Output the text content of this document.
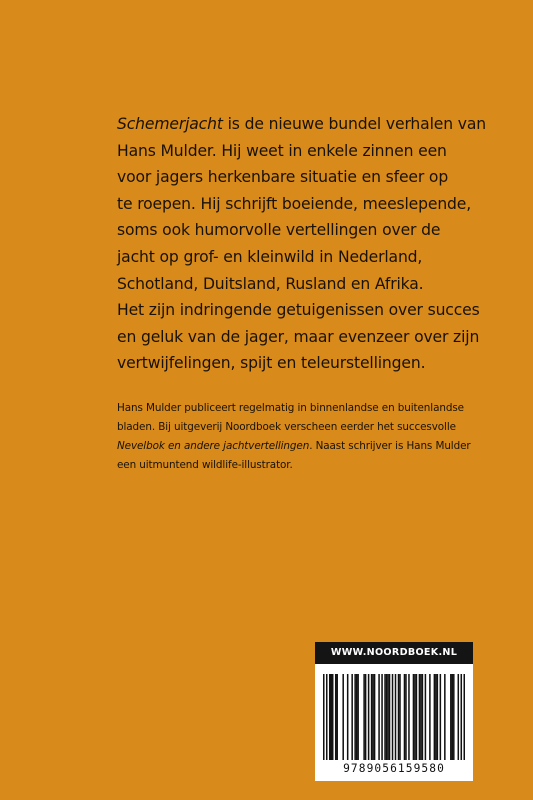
Schemerjacht is de nieuwe bundel verhalen van
Hans Mulder. Hij weet in enkele zinnen een
voor jagers herkenbare situatie en sfeer op
te roepen. Hij schrijft boeiende, meeslepende,
soms ook humorvolle vertellingen over de
jacht op grof- en kleinwild in Nederland,
Schotland, Duitsland, Rusland en Afrika.
Het zijn indringende getuigenissen over succes
en geluk van de jager, maar evenzeer over zijn
vertwijfelingen, spijt en teleurstellingen.
Hans Mulder publiceert regelmatig in binnenlandse en buitenlandse
bladen. Bij uitgeverij Noordboek verscheen eerder het succesvolle
Nevelbok en andere jachtvertellingen. Naast schrijver is Hans Mulder
een uitmuntend wildlife-illustrator.
WWW.NOORDBOEK.NL
9789056159580
